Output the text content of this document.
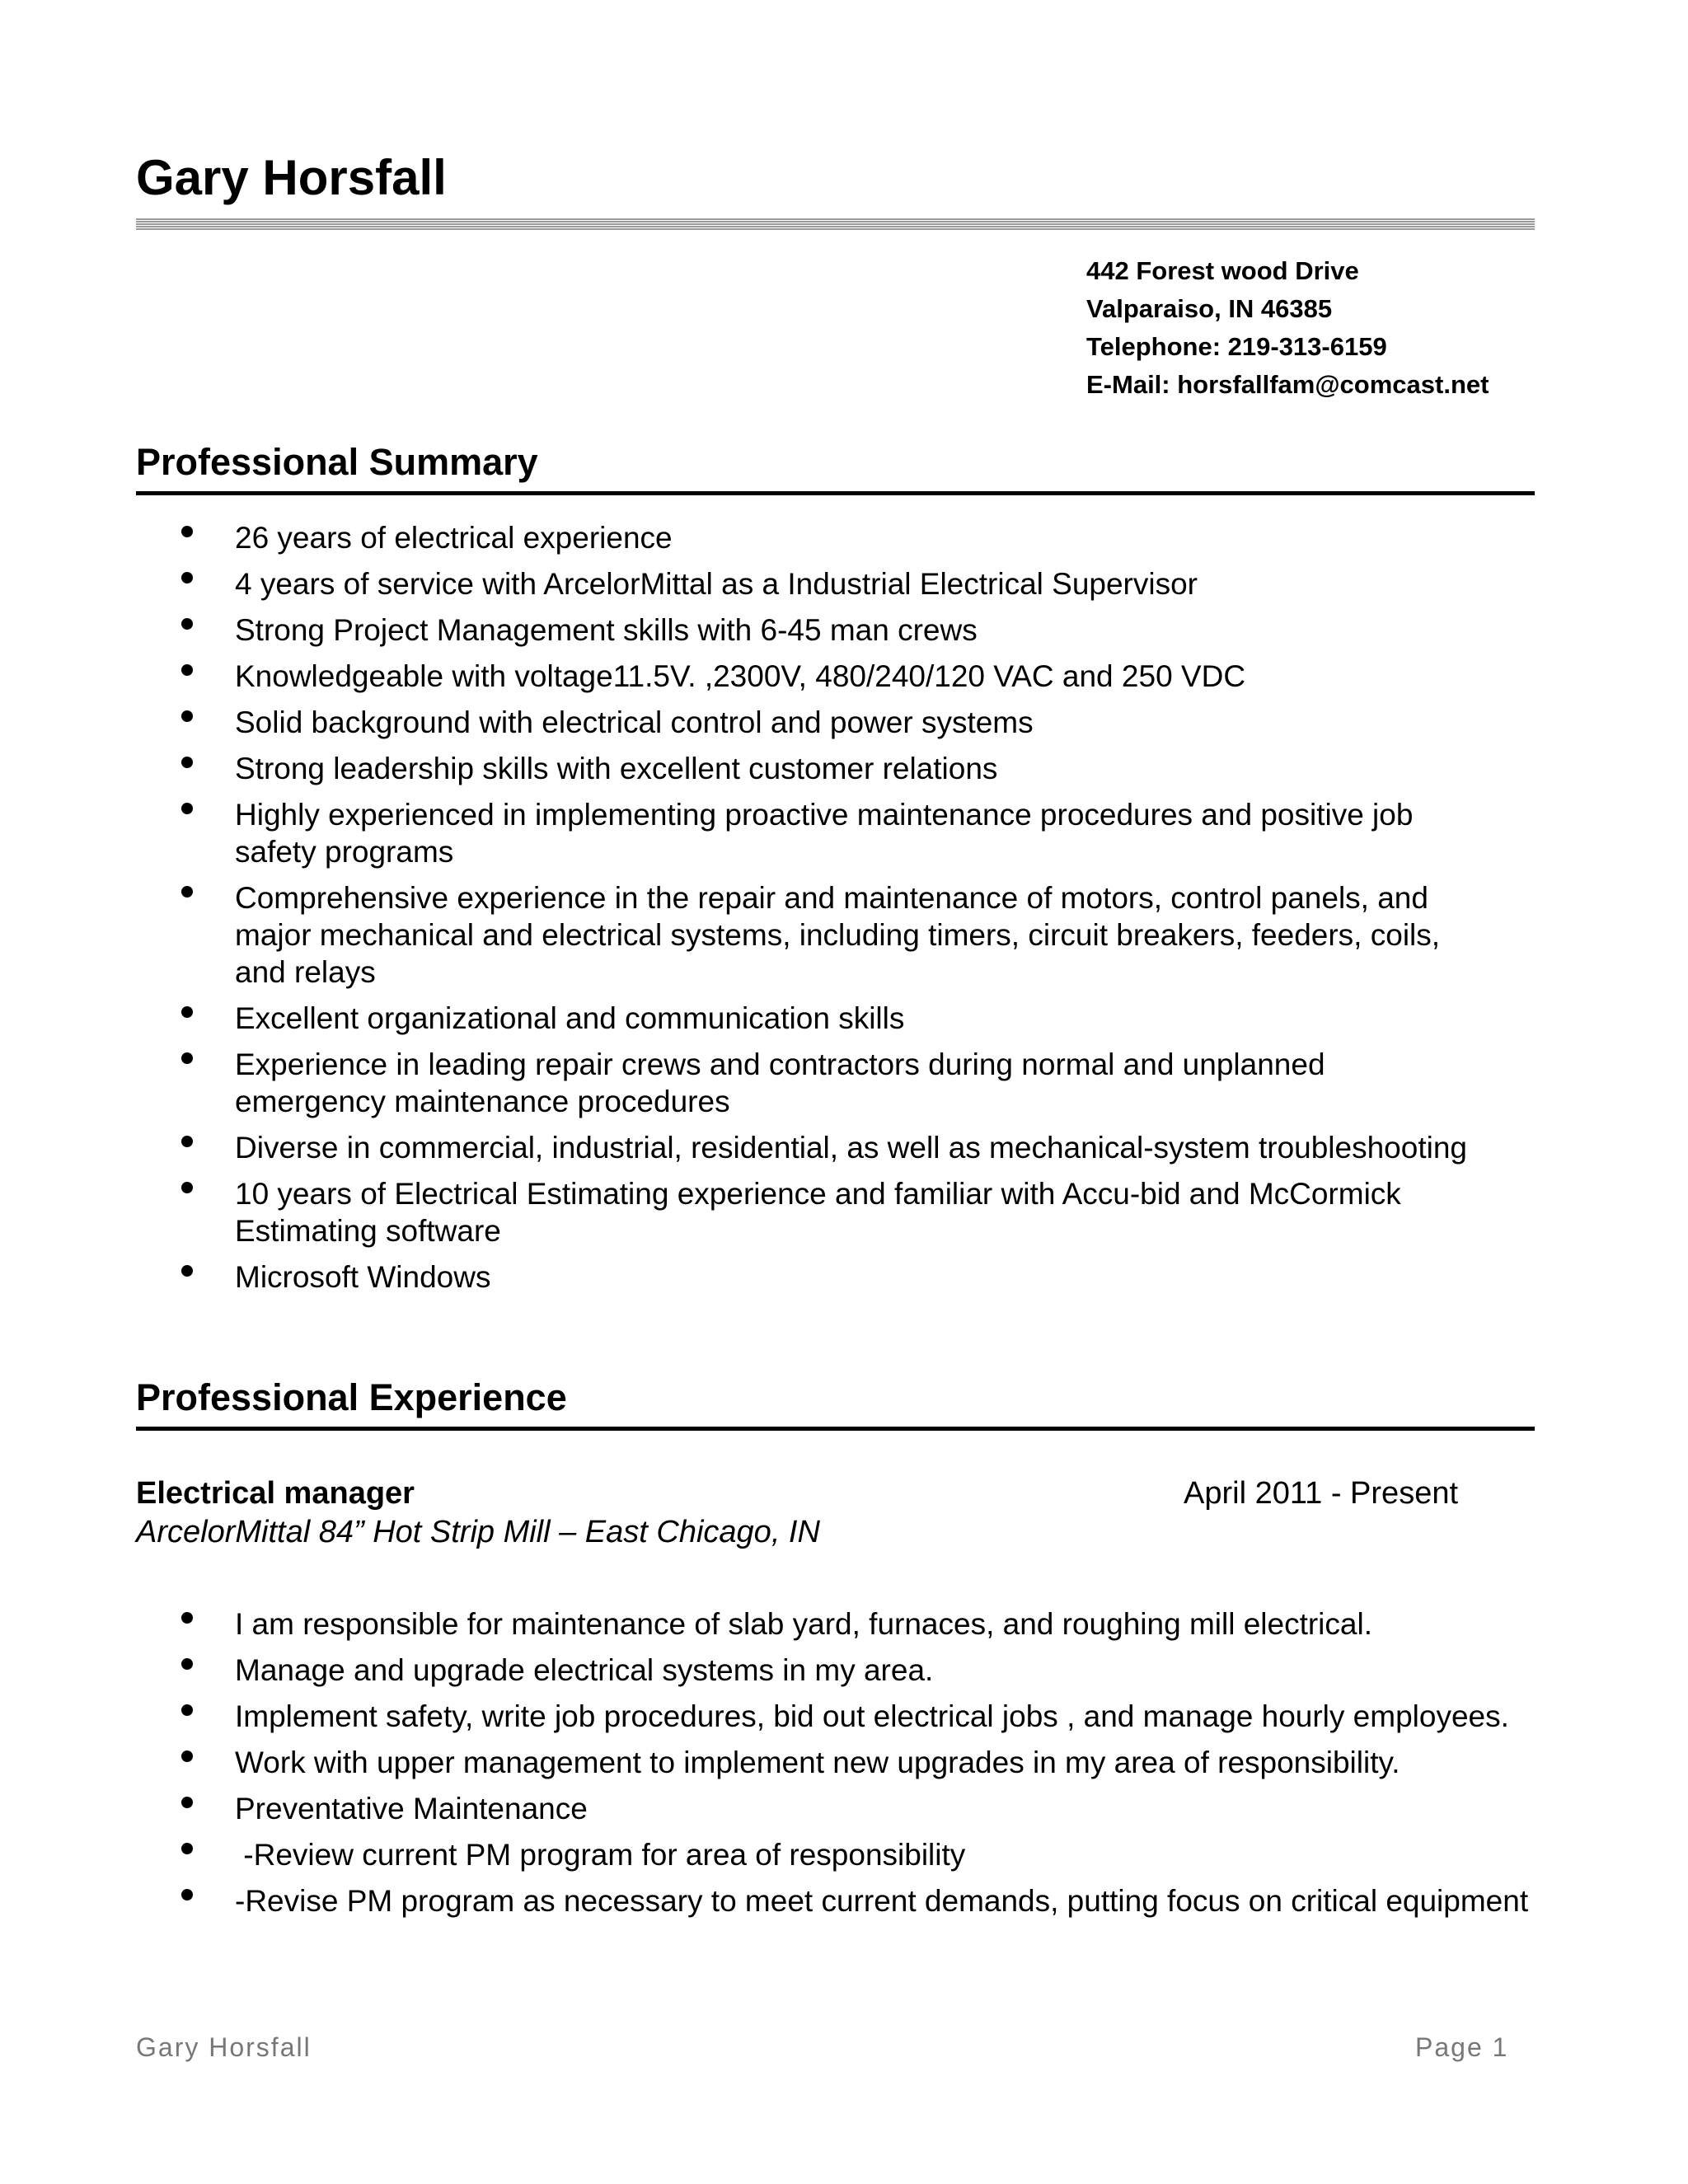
Gary Horsfall
442 Forest wood Drive
Valparaiso, IN 46385
Telephone: 219-313-6159
E-Mail: horsfallfam@comcast.net
Professional Summary
26 years of electrical experience
4 years of service with ArcelorMittal as a Industrial Electrical Supervisor
Strong Project Management skills with 6-45 man crews
Knowledgeable with voltage11.5V. ,2300V, 480/240/120 VAC and 250 VDC
Solid background with electrical control and power systems
Strong leadership skills with excellent customer relations
Highly experienced in implementing proactive maintenance procedures and positive job safety programs
Comprehensive experience in the repair and maintenance of motors, control panels, and major mechanical and electrical systems, including timers, circuit breakers, feeders, coils, and relays
Excellent organizational and communication skills
Experience in leading repair crews and contractors during normal and unplanned emergency maintenance procedures
Diverse in commercial, industrial, residential, as well as mechanical-system troubleshooting
10 years of Electrical Estimating experience and familiar with Accu-bid and McCormick Estimating software
Microsoft Windows
Professional Experience
Electrical manager	April 2011 - Present
ArcelorMittal 84” Hot Strip Mill – East Chicago, IN
I am responsible for maintenance of slab yard, furnaces, and roughing mill electrical.
Manage and upgrade electrical systems in my area.
Implement safety, write job procedures, bid out electrical jobs , and manage hourly employees.
Work with upper management to implement new upgrades in my area of responsibility.
Preventative Maintenance
-Review current PM program for area of responsibility
-Revise PM program as necessary to meet current demands, putting focus on critical equipment
Gary Horsfall	Page 1
